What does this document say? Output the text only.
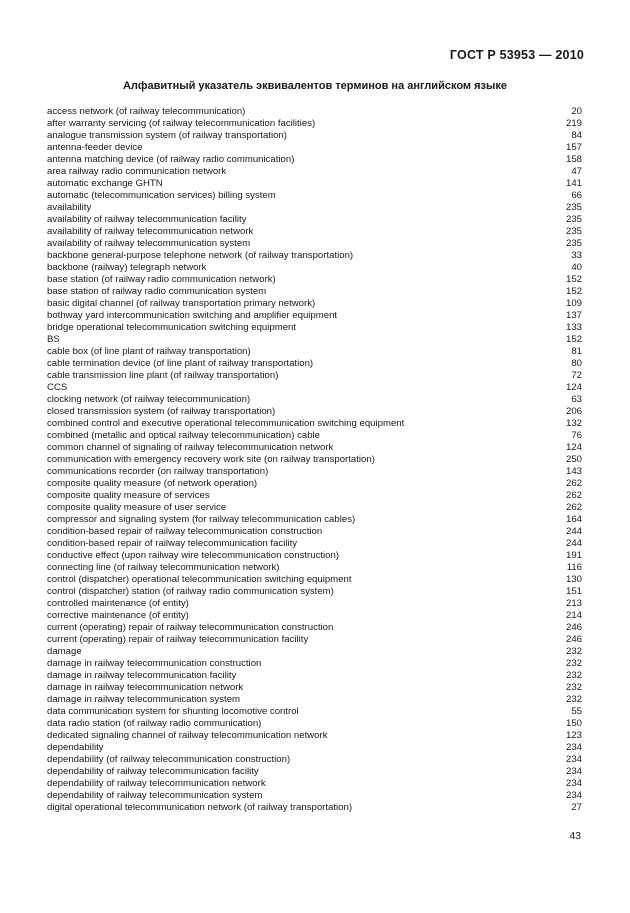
ГОСТ Р 53953 — 2010
Алфавитный указатель эквивалентов терминов на английском языке
access network (of railway telecommunication)	20
after warranty servicing (of railway telecommunication facilities)	219
analogue transmission system (of railway transportation)	84
antenna-feeder device	157
antenna matching device (of railway radio communication)	158
area railway radio communication network	47
automatic exchange GHTN	141
automatic (telecommunication services) billing system	66
availability	235
availability of railway telecommunication facility	235
availability of railway telecommunication network	235
availability of railway telecommunication system	235
backbone general-purpose telephone network (of railway transportation)	33
backbone (railway) telegraph network	40
base station (of railway radio communication network)	152
base station of railway radio communication system	152
basic digital channel (of railway transportation primary network)	109
bothway yard intercommunication switching and amplifier equipment	137
bridge operational telecommunication switching equipment	133
BS	152
cable box (of line plant of railway transportation)	81
cable termination device (of line plant of railway transportation)	80
cable transmission line plant (of railway transportation)	72
CCS	124
clocking network (of railway telecommunication)	63
closed transmission system (of railway transportation)	206
combined control and executive operational telecommunication switching equipment	132
combined (metallic and optical railway telecommunication) cable	76
common channel of signaling of railway telecommunication network	124
communication with emergency recovery work site (on railway transportation)	250
communications recorder (on railway transportation)	143
composite quality measure (of network operation)	262
composite quality measure of services	262
composite quality measure of user service	262
compressor and signaling system (for railway telecommunication cables)	164
condition-based repair of railway telecommunication construction	244
condition-based repair of railway telecommunication facility	244
conductive effect (upon railway wire telecommunication construction)	191
connecting line (of railway telecommunication network)	116
control (dispatcher) operational telecommunication switching equipment	130
control (dispatcher) station (of railway radio communication system)	151
controlled maintenance (of entity)	213
corrective maintenance (of entity)	214
current (operating) repair of railway telecommunication construction	246
current (operating) repair of railway telecommunication facility	246
damage	232
damage in railway telecommunication construction	232
damage in railway telecommunication facility	232
damage in railway telecommunication network	232
damage in railway telecommunication system	232
data communication system for shunting locomotive control	55
data radio station (of railway radio communication)	150
dedicated signaling channel of railway telecommunication network	123
dependability	234
dependability (of railway telecommunication construction)	234
dependability of railway telecommunication facility	234
dependability of railway telecommunication network	234
dependability of railway telecommunication system	234
digital operational telecommunication network (of railway transportation)	27
43
